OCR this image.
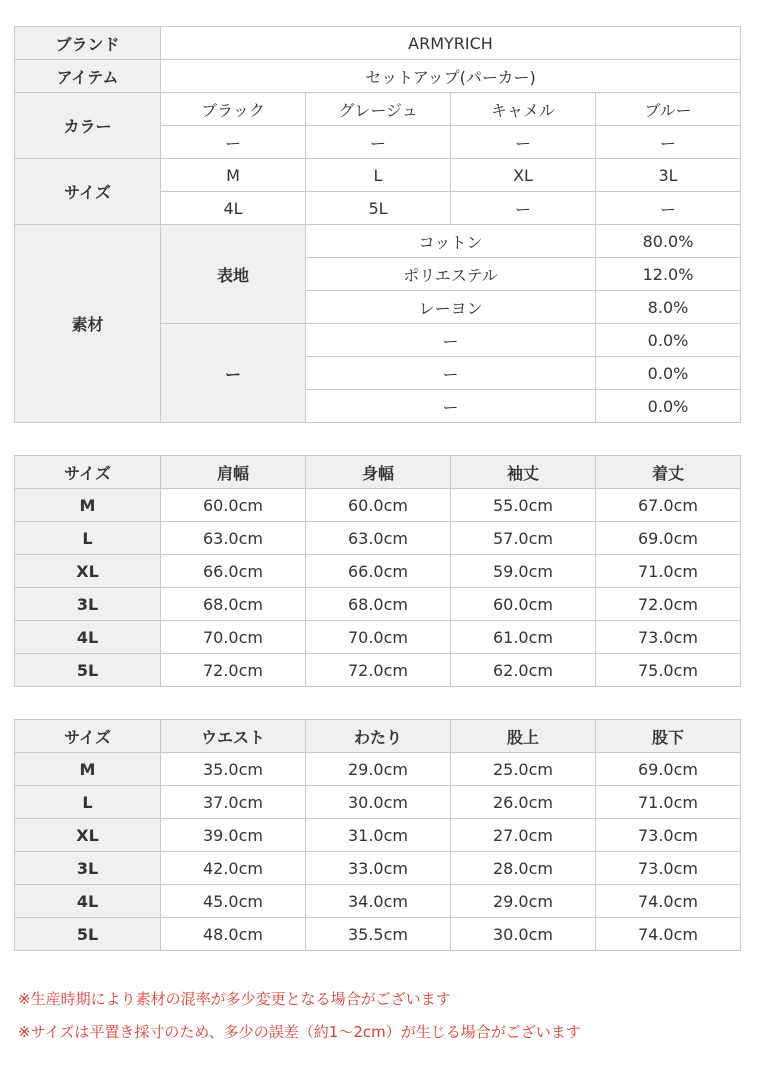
ブランド	ARMYRICH			
アイテム	セットアップ(パーカー)			
カラー	ブラック	グレージュ	キャメル	ブルー
	ー	ー	ー	ー
サイズ	M	L	XL	3L
	4L	5L	ー	ー
素材	表地	コットン		80.0%
		ポリエステル		12.0%
		レーヨン		8.0%
	ー	ー		0.0%
		ー		0.0%
		ー		0.0%
サイズ	肩幅	身幅	袖丈	着丈
M	60.0cm	60.0cm	55.0cm	67.0cm
L	63.0cm	63.0cm	57.0cm	69.0cm
XL	66.0cm	66.0cm	59.0cm	71.0cm
3L	68.0cm	68.0cm	60.0cm	72.0cm
4L	70.0cm	70.0cm	61.0cm	73.0cm
5L	72.0cm	72.0cm	62.0cm	75.0cm
サイズ	ウエスト	わたり	股上	股下
M	35.0cm	29.0cm	25.0cm	69.0cm
L	37.0cm	30.0cm	26.0cm	71.0cm
XL	39.0cm	31.0cm	27.0cm	73.0cm
3L	42.0cm	33.0cm	28.0cm	73.0cm
4L	45.0cm	34.0cm	29.0cm	74.0cm
5L	48.0cm	35.5cm	30.0cm	74.0cm
※生産時期により素材の混率が多少変更となる場合がございます
※サイズは平置き採寸のため、多少の誤差（約1～2cm）が生じる場合がございます
